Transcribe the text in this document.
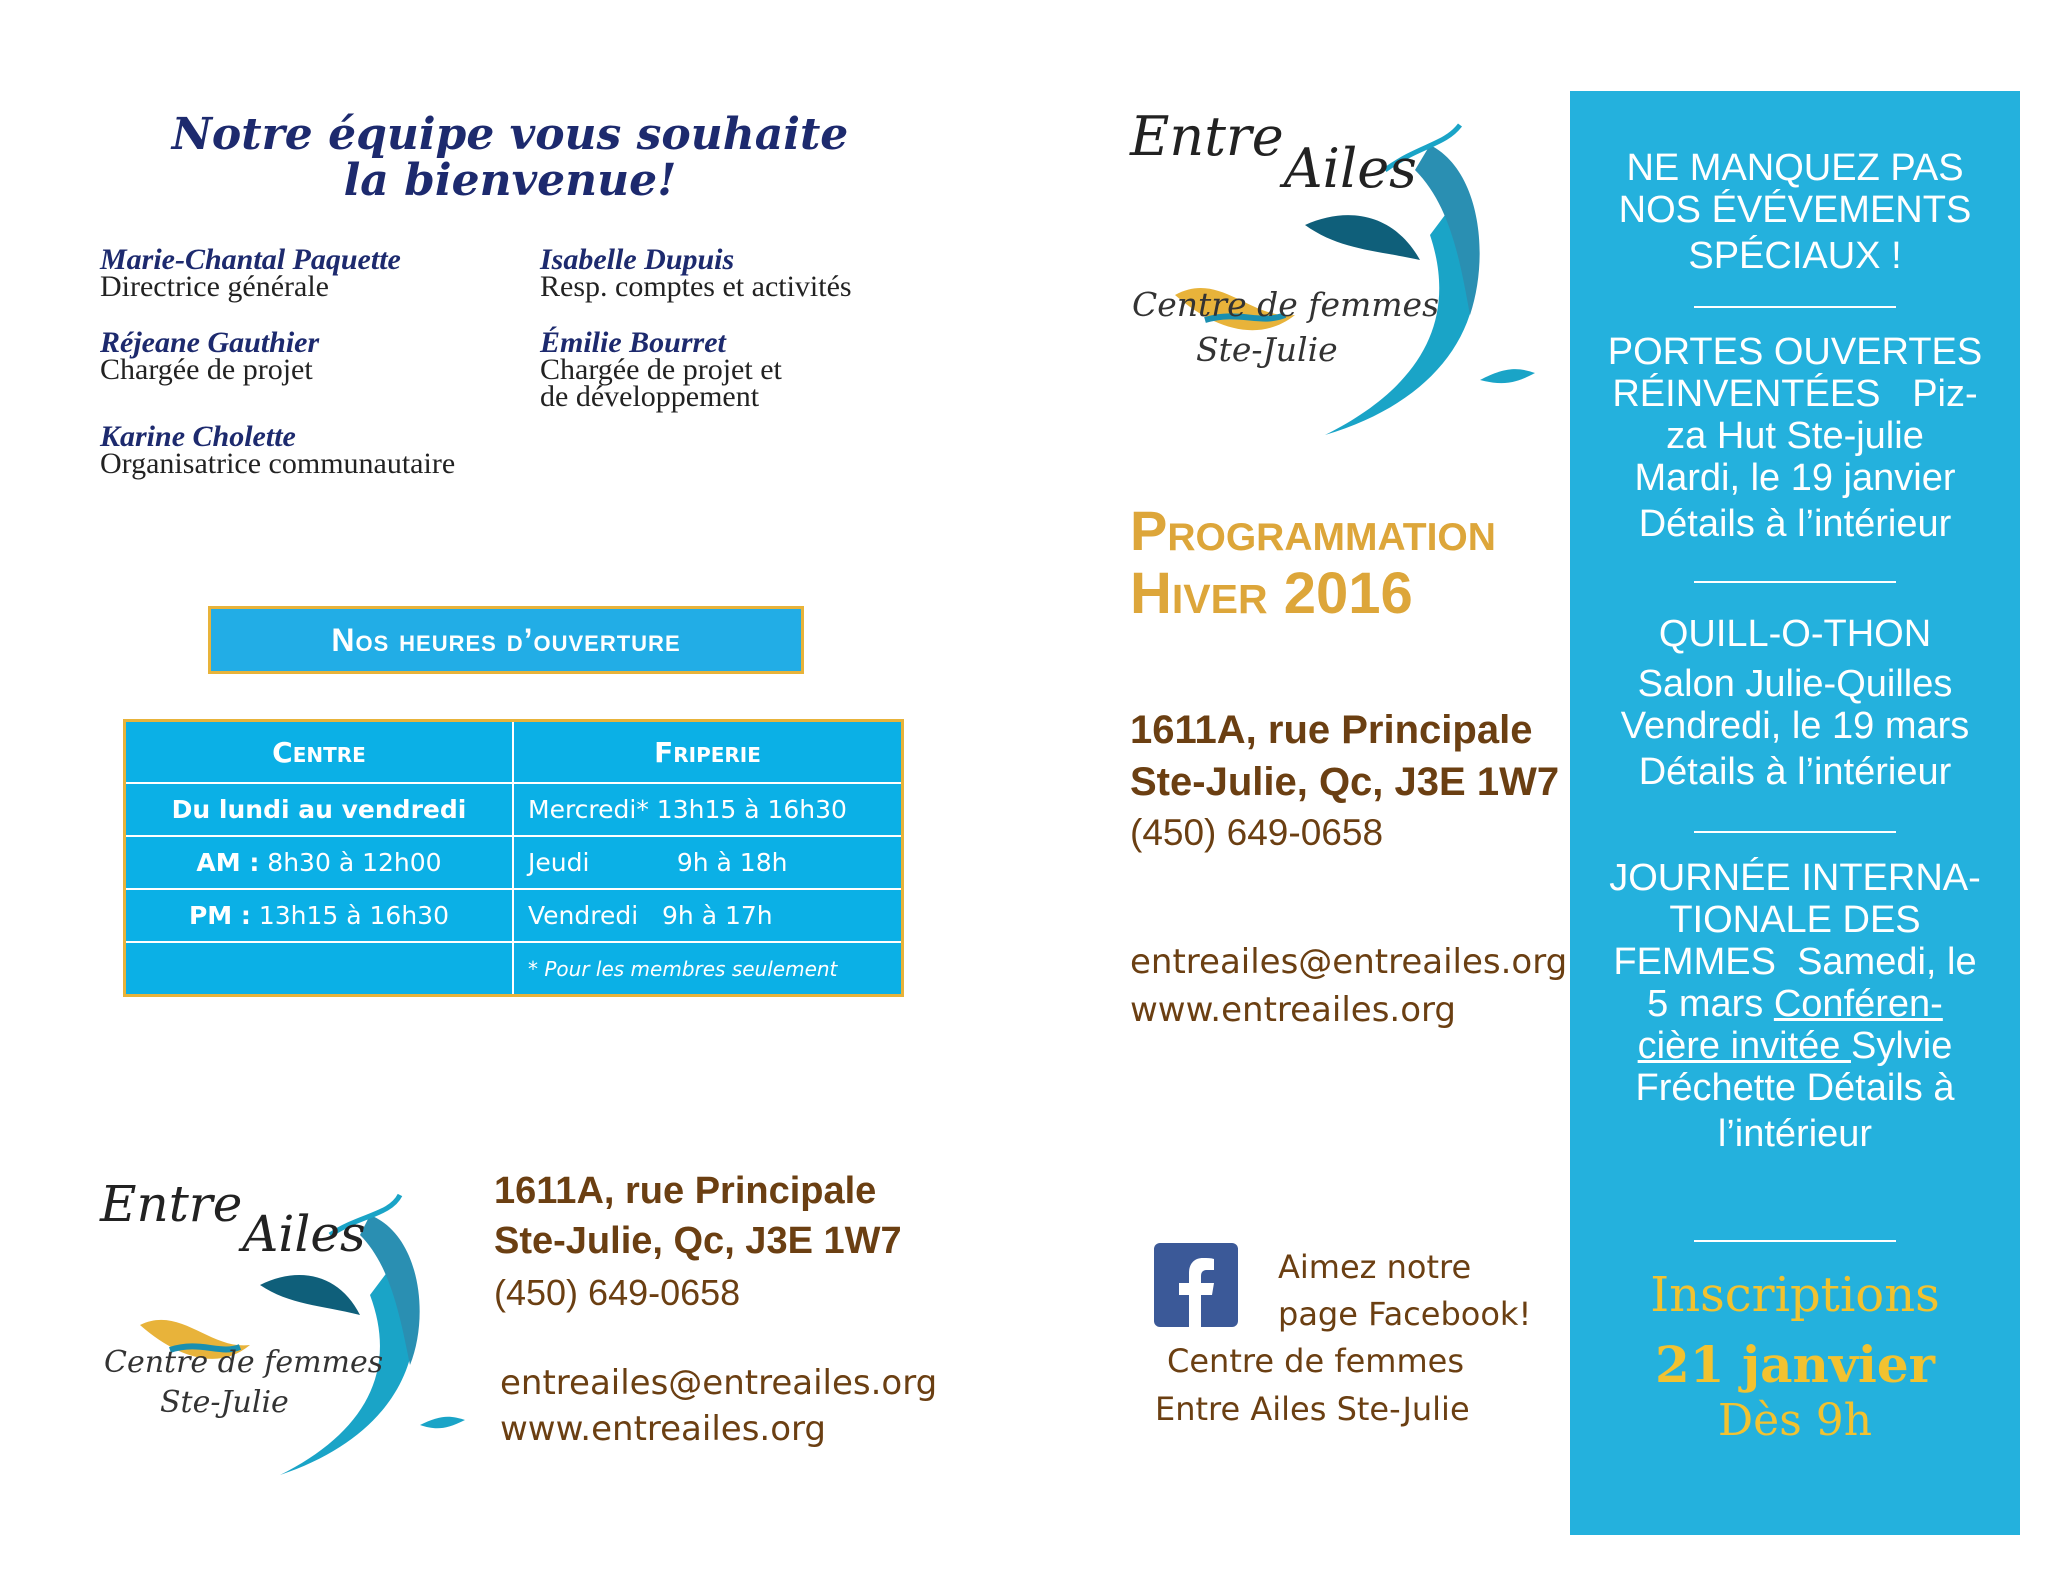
Notre équipe vous souhaite
la bienvenue!
Marie-Chantal Paquette
Directrice générale
Isabelle Dupuis
Resp. comptes et activités
Réjeane Gauthier
Chargée de projet
Émilie Bourret
Chargée de projet et
de développement
Karine Cholette
Organisatrice communautaire
Nos heures d’ouverture
Centre	Friperie
Du lundi au vendredi	Mercredi* 13h15 à 16h30
AM : 8h30 à 12h00	Jeudi           9h à 18h
PM : 13h15 à 16h30	Vendredi   9h à 17h
	* Pour les membres seulement
EntreAiles
Centre de femmes
Ste-Julie
1611A, rue Principale
Ste-Julie, Qc, J3E 1W7
(450) 649-0658
entreailes@entreailes.org
www.entreailes.org
EntreAiles
Centre de femmes
Ste-Julie
Programmation
Hiver 2016
1611A, rue Principale
Ste-Julie, Qc, J3E 1W7
(450) 649-0658
entreailes@entreailes.org
www.entreailes.org
Aimez notre
page Facebook!
Centre de femmes
Entre Ailes Ste-Julie
NE MANQUEZ PAS
NOS ÉVÉVEMENTS
SPÉCIAUX !
PORTES OUVERTES
RÉINVENTÉES Piz-
za Hut Ste-julie
Mardi, le 19 janvier
Détails à l’intérieur
QUILL-O-THON
Salon Julie-Quilles
Vendredi, le 19 mars
Détails à l’intérieur
JOURNÉE INTERNA-
TIONALE DES
FEMMES Samedi, le
5 mars Conféren-
cière invitée Sylvie
Fréchette Détails à
l’intérieur
Inscriptions
21 janvier
Dès 9h
